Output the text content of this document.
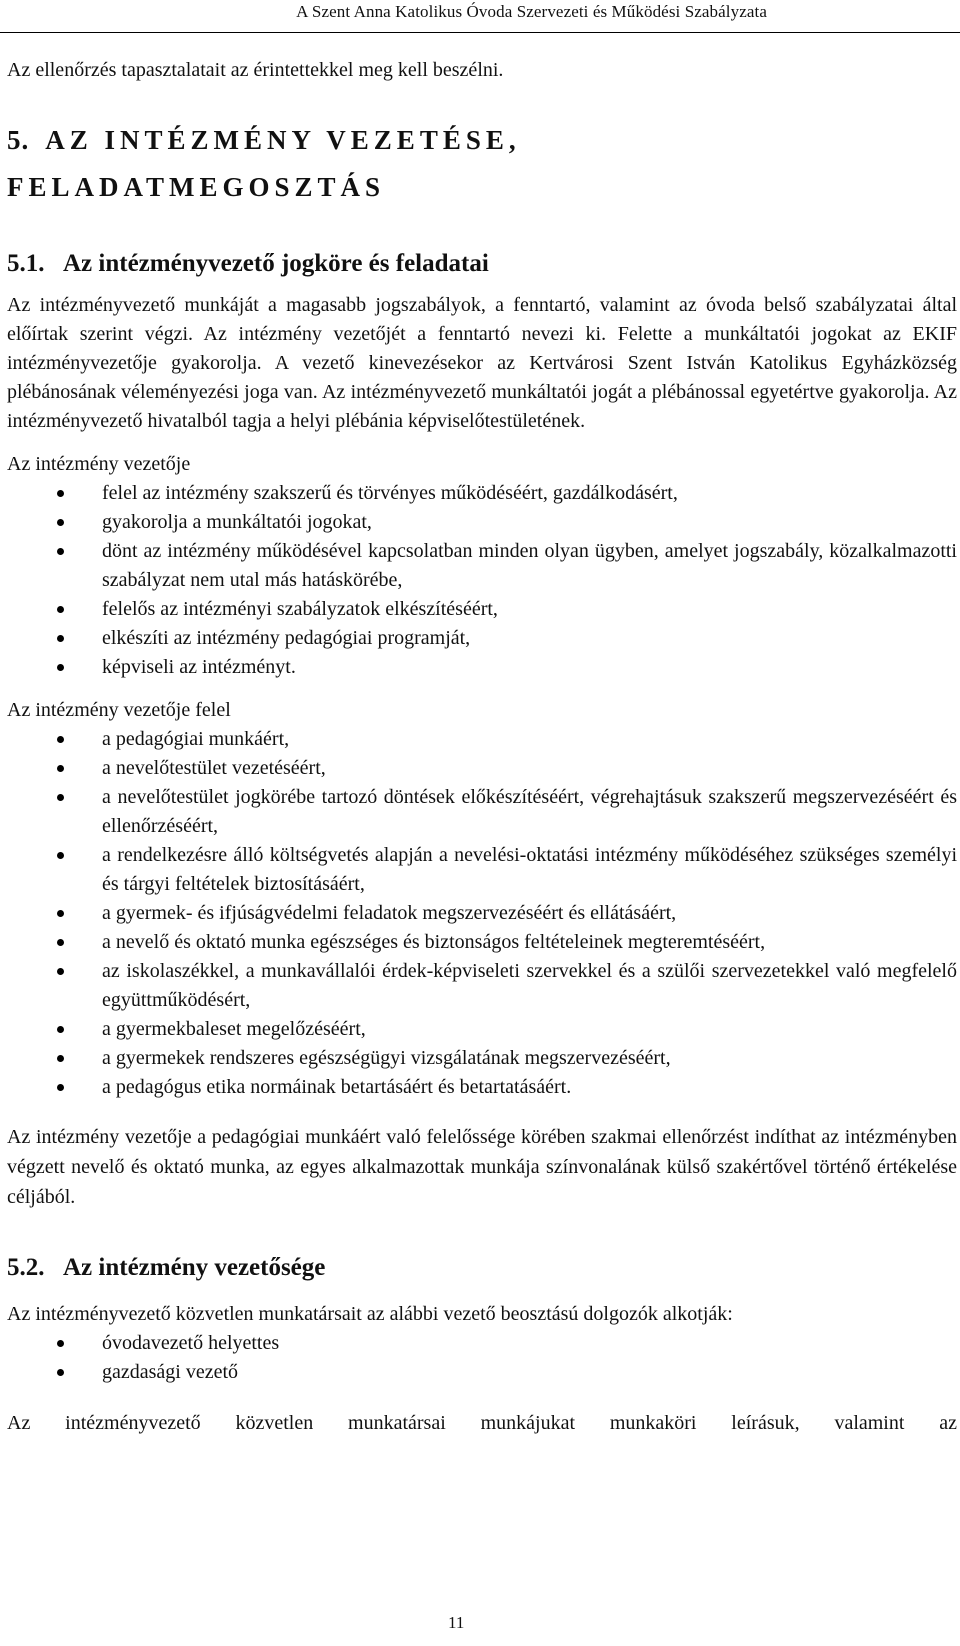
A Szent Anna Katolikus Óvoda Szervezeti és Működési Szabályzata

Az ellenőrzés tapasztalatait az érintettekkel meg kell beszélni.

5. AZ INTÉZMÉNY VEZETÉSE,
FELADATMEGOSZTÁS
5.1. Az intézményvezető jogköre és feladatai

Az intézményvezető munkáját a magasabb jogszabályok, a fenntartó, valamint az óvoda belső szabályzatai által előírtak szerint végzi. Az intézmény vezetőjét a fenntartó nevezi ki. Felette a munkáltatói jogokat az EKIF intézményvezetője gyakorolja. A vezető kinevezésekor az Kertvárosi Szent István Katolikus Egyházközség plébánosának véleményezési joga van. Az intézményvezető munkáltatói jogát a plébánossal egyetértve gyakorolja. Az intézményvezető hivatalból tagja a helyi plébánia képviselőtestületének.

Az intézmény vezetője

felel az intézmény szakszerű és törvényes működéséért, gazdálkodásért,
gyakorolja a munkáltatói jogokat,
dönt az intézmény működésével kapcsolatban minden olyan ügyben, amelyet jogszabály, közalkalmazotti szabályzat nem utal más hatáskörébe,
felelős az intézményi szabályzatok elkészítéséért,
elkészíti az intézmény pedagógiai programját,
képviseli az intézményt.

Az intézmény vezetője felel

a pedagógiai munkáért,
a nevelőtestület vezetéséért,
a nevelőtestület jogkörébe tartozó döntések előkészítéséért, végrehajtásuk szakszerű megszervezéséért és ellenőrzéséért,
a rendelkezésre álló költségvetés alapján a nevelési-oktatási intézmény működéséhez szükséges személyi és tárgyi feltételek biztosításáért,
a gyermek- és ifjúságvédelmi feladatok megszervezéséért és ellátásáért,
a nevelő és oktató munka egészséges és biztonságos feltételeinek megteremtéséért,
az iskolaszékkel, a munkavállalói érdek-képviseleti szervekkel és a szülői szervezetekkel való megfelelő együttműködésért,
a gyermekbaleset megelőzéséért,
a gyermekek rendszeres egészségügyi vizsgálatának megszervezéséért,
a pedagógus etika normáinak betartásáért és betartatásáért.

Az intézmény vezetője a pedagógiai munkáért való felelőssége körében szakmai ellenőrzést indíthat az intézményben végzett nevelő és oktató munka, az egyes alkalmazottak munkája színvonalának külső szakértővel történő értékelése céljából.

5.2. Az intézmény vezetősége

Az intézményvezető közvetlen munkatársait az alábbi vezető beosztású dolgozók alkotják:

óvodavezető helyettes
gazdasági vezető

Az intézményvezető közvetlen munkatársai munkájukat munkaköri leírásuk, valamint az

11
